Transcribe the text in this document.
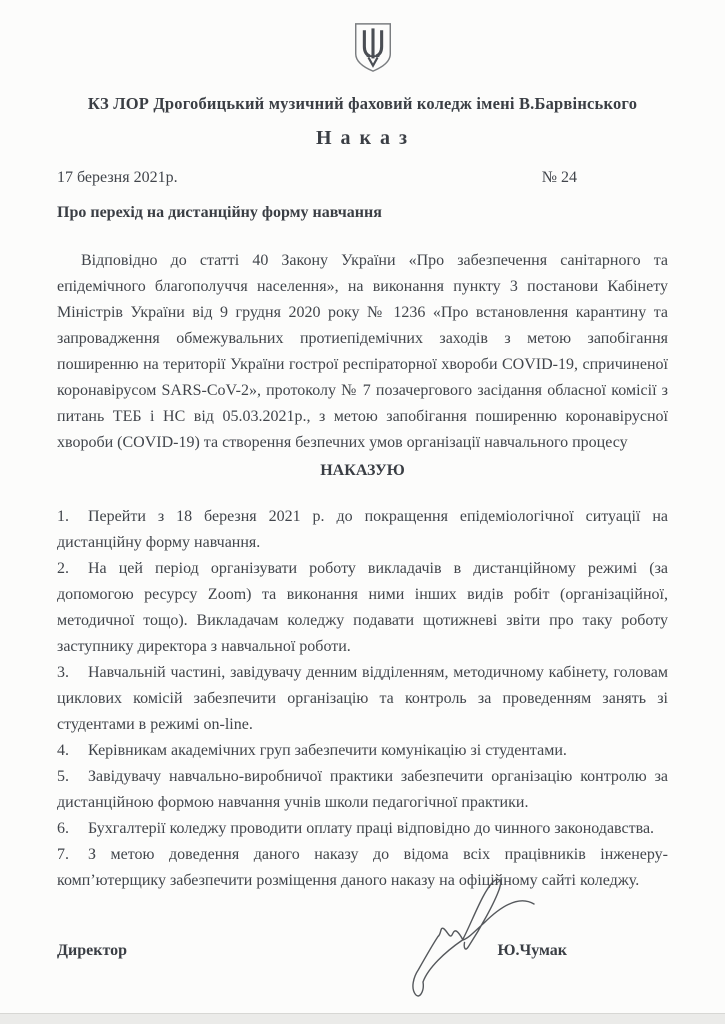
КЗ ЛОР Дрогобицький музичний фаховий коледж імені В.Барвінського
Н а к а з
17 березня 2021р.	№ 24
Про перехід на дистанційну форму навчання

Відповідно до статті 40 Закону України «Про забезпечення санітарного та епідемічного благополуччя населення», на виконання пункту 3 постанови Кабінету Міністрів України від 9 грудня 2020 року № 1236 «Про встановлення карантину та запровадження обмежувальних протиепідемічних заходів з метою запобігання поширенню на території України гострої респіраторної хвороби COVID-19, спричиненої коронавірусом SARS-CoV-2», протоколу № 7 позачергового засідання обласної комісії з питань ТЕБ і НС від 05.03.2021р., з метою запобігання поширенню коронавірусної хвороби (COVID-19) та створення безпечних умов організації навчального процесу

НАКАЗУЮ

1. Перейти з 18 березня 2021 р. до покращення епідеміологічної ситуації на дистанційну форму навчання.

2. На цей період організувати роботу викладачів в дистанційному режимі (за допомогою ресурсу Zoom) та виконання ними інших видів робіт (організаційної, методичної тощо). Викладачам коледжу подавати щотижневі звіти про таку роботу заступнику директора з навчальної роботи.

3. Навчальній частині, завідувачу денним відділенням, методичному кабінету, головам циклових комісій забезпечити організацію та контроль за проведенням занять зі студентами в режимі on-line.

4. Керівникам академічних груп забезпечити комунікацію зі студентами.

5. Завідувачу навчально-виробничої практики забезпечити організацію контролю за дистанційною формою навчання учнів школи педагогічної практики.

6. Бухгалтерії коледжу проводити оплату праці відповідно до чинного законодавства.

7. З метою доведення даного наказу до відома всіх працівників інженеру-комп’ютерщику забезпечити розміщення даного наказу на офіційному сайті коледжу.

Директор	Ю.Чумак
